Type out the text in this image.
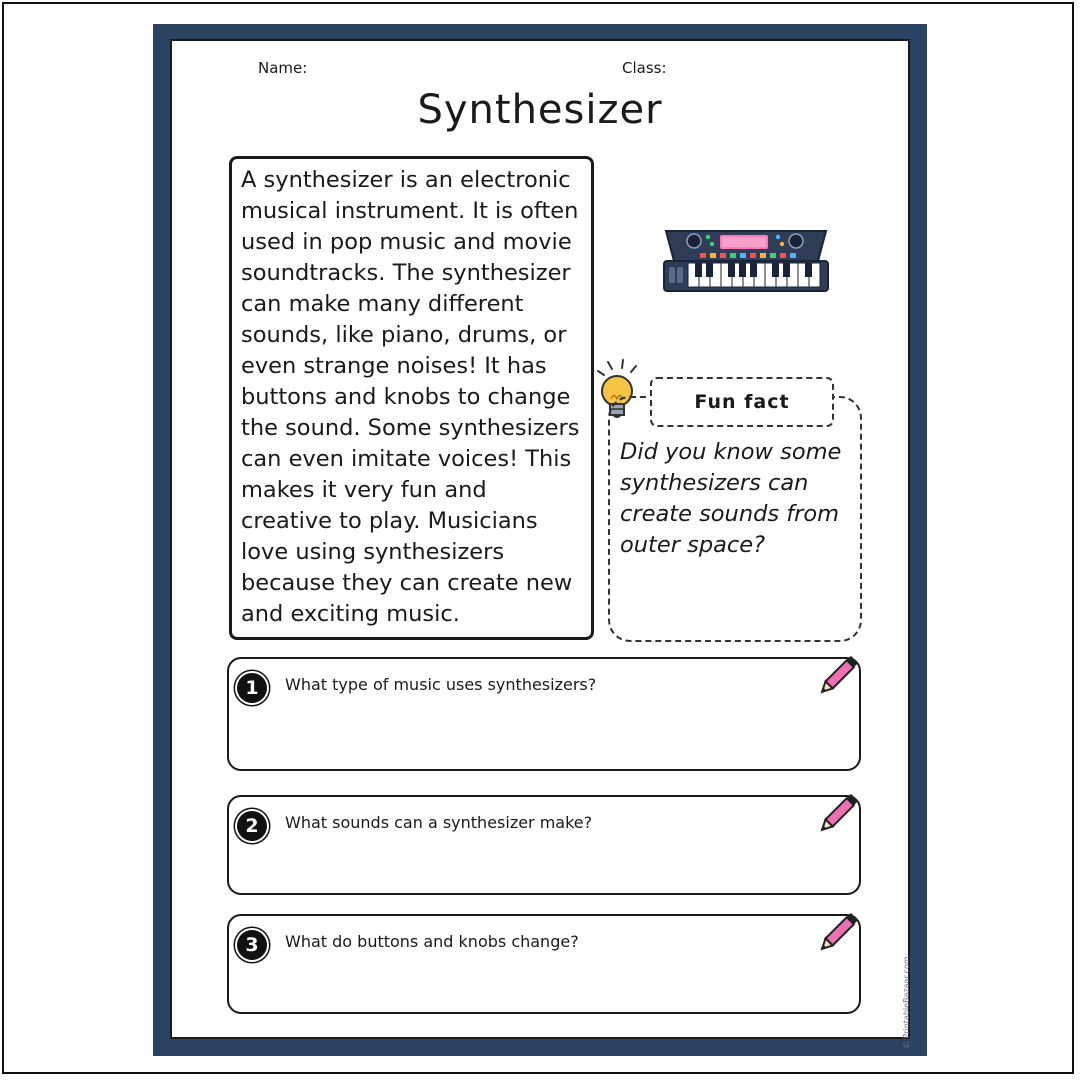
Name:	Class:
Synthesizer

A synthesizer is an electronic musical instrument. It is often used in pop music and movie soundtracks. The synthesizer can make many different sounds, like piano, drums, or even strange noises! It has buttons and knobs to change the sound. Some synthesizers can even imitate voices! This makes it very fun and creative to play. Musicians love using synthesizers because they can create new and exciting music.

Fun fact

Did you know some synthesizers can create sounds from outer space?

1	What type of music uses synthesizers?
2	What sounds can a synthesizer make?
3	What do buttons and knobs change?
© PrintableBazaar.com
